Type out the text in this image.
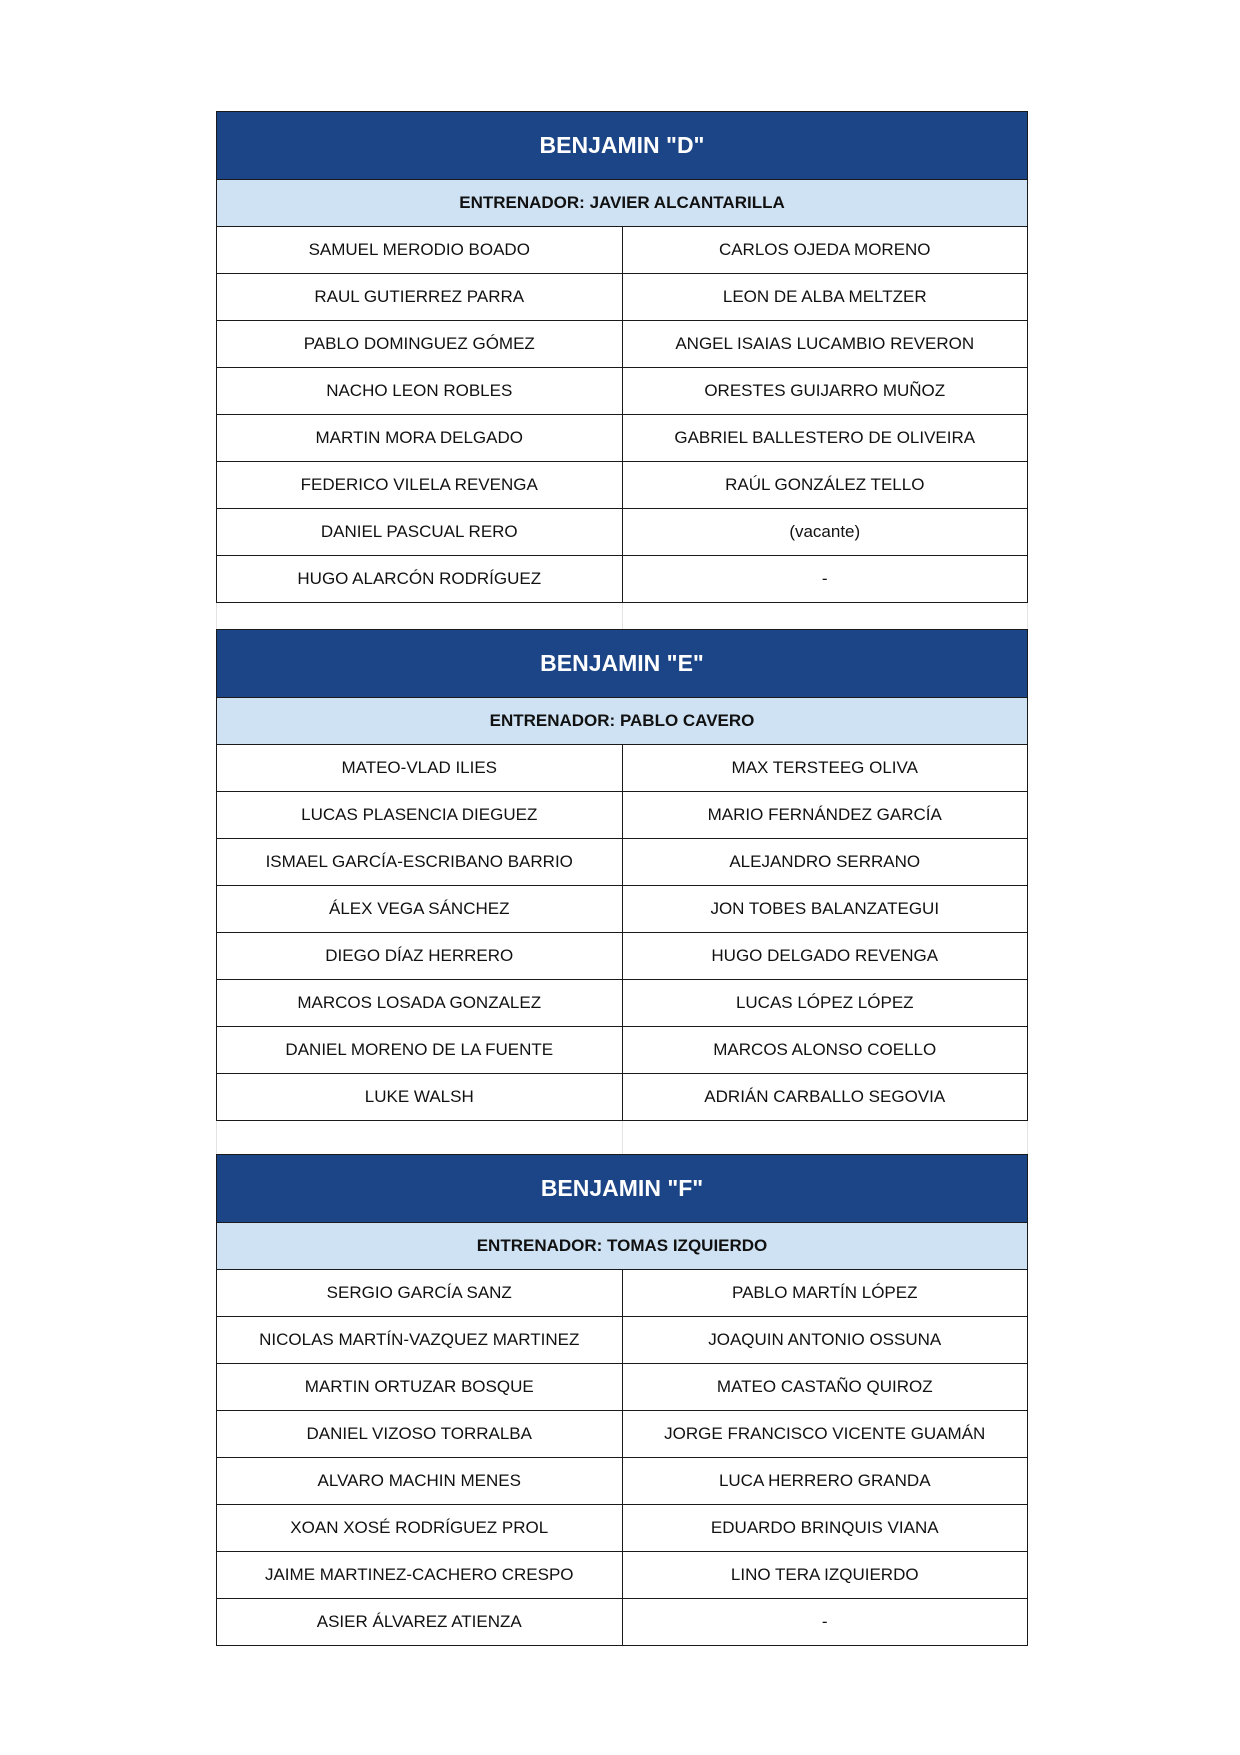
BENJAMIN "D"
ENTRENADOR: JAVIER ALCANTARILLA
SAMUEL MERODIO BOADO	CARLOS OJEDA MORENO
RAUL GUTIERREZ PARRA	LEON DE ALBA MELTZER
PABLO DOMINGUEZ GÓMEZ	ANGEL ISAIAS LUCAMBIO REVERON
NACHO LEON ROBLES	ORESTES GUIJARRO MUÑOZ
MARTIN MORA DELGADO	GABRIEL BALLESTERO DE OLIVEIRA
FEDERICO VILELA REVENGA	RAÚL GONZÁLEZ TELLO
DANIEL PASCUAL RERO	(vacante)
HUGO ALARCÓN RODRÍGUEZ	-
BENJAMIN "E"
ENTRENADOR: PABLO CAVERO
MATEO-VLAD ILIES	MAX TERSTEEG OLIVA
LUCAS PLASENCIA DIEGUEZ	MARIO FERNÁNDEZ GARCÍA
ISMAEL GARCÍA-ESCRIBANO BARRIO	ALEJANDRO SERRANO
ÁLEX VEGA SÁNCHEZ	JON TOBES BALANZATEGUI
DIEGO DÍAZ HERRERO	HUGO DELGADO REVENGA
MARCOS LOSADA GONZALEZ	LUCAS LÓPEZ LÓPEZ
DANIEL MORENO DE LA FUENTE	MARCOS ALONSO COELLO
LUKE WALSH	ADRIÁN CARBALLO SEGOVIA
BENJAMIN "F"
ENTRENADOR: TOMAS IZQUIERDO
SERGIO GARCÍA SANZ	PABLO MARTÍN LÓPEZ
NICOLAS MARTÍN-VAZQUEZ MARTINEZ	JOAQUIN ANTONIO OSSUNA
MARTIN ORTUZAR BOSQUE	MATEO CASTAÑO QUIROZ
DANIEL VIZOSO TORRALBA	JORGE FRANCISCO VICENTE GUAMÁN
ALVARO MACHIN MENES	LUCA HERRERO GRANDA
XOAN XOSÉ RODRÍGUEZ PROL	EDUARDO BRINQUIS VIANA
JAIME MARTINEZ-CACHERO CRESPO	LINO TERA IZQUIERDO
ASIER ÁLVAREZ ATIENZA	-
